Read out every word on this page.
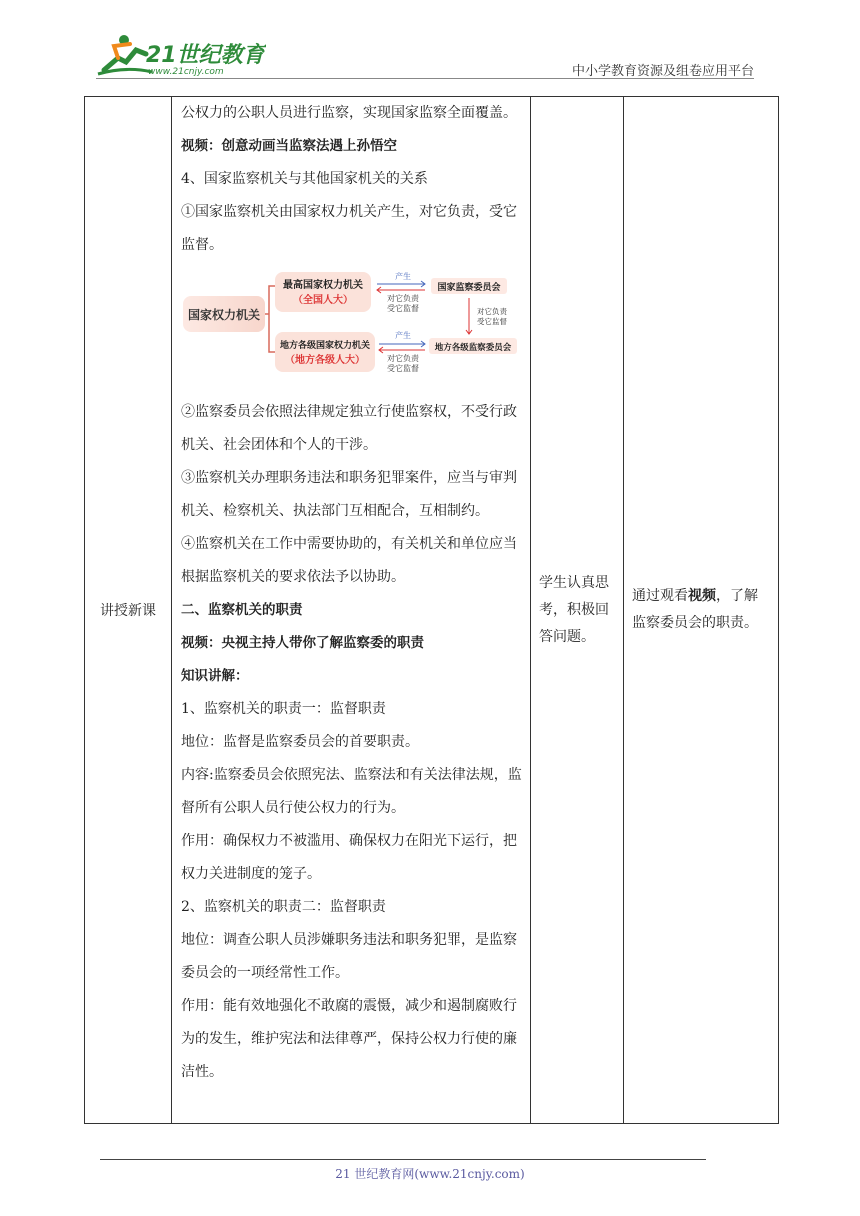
21世纪教育
www.21cnjy.com	中小学教育资源及组卷应用平台
讲授新课	

公权力的公职人员进行监察，实现国家监察全面覆盖。

视频：创意动画当监察法遇上孙悟空

4、国家监察机关与其他国家机关的关系

①国家监察机关由国家权力机关产生，对它负责，受它监督。

国家权力机关
最高国家权力机关
（全国人大）
地方各级国家权力机关
（地方各级人大）
产生
对它负责
受它监督
国家监察委员会
对它负责
受它监督
产生
对它负责
受它监督
地方各级监察委员会

②监察委员会依照法律规定独立行使监察权，不受行政机关、社会团体和个人的干涉。

③监察机关办理职务违法和职务犯罪案件，应当与审判机关、检察机关、执法部门互相配合，互相制约。

④监察机关在工作中需要协助的，有关机关和单位应当根据监察机关的要求依法予以协助。

二、监察机关的职责

视频：央视主持人带你了解监察委的职责

知识讲解：

1、监察机关的职责一：监督职责

地位：监督是监察委员会的首要职责。

内容:监察委员会依照宪法、监察法和有关法律法规，监督所有公职人员行使公权力的行为。

作用：确保权力不被滥用、确保权力在阳光下运行，把权力关进制度的笼子。

2、监察机关的职责二：监督职责

地位：调查公职人员涉嫌职务违法和职务犯罪，是监察委员会的一项经常性工作。

作用：能有效地强化不敢腐的震慑，减少和遏制腐败行为的发生，维护宪法和法律尊严，保持公权力行使的廉洁性。

学生认真思考，积极回答问题。

通过观看视频，了解监察委员会的职责。
21 世纪教育网(www.21cnjy.com)
